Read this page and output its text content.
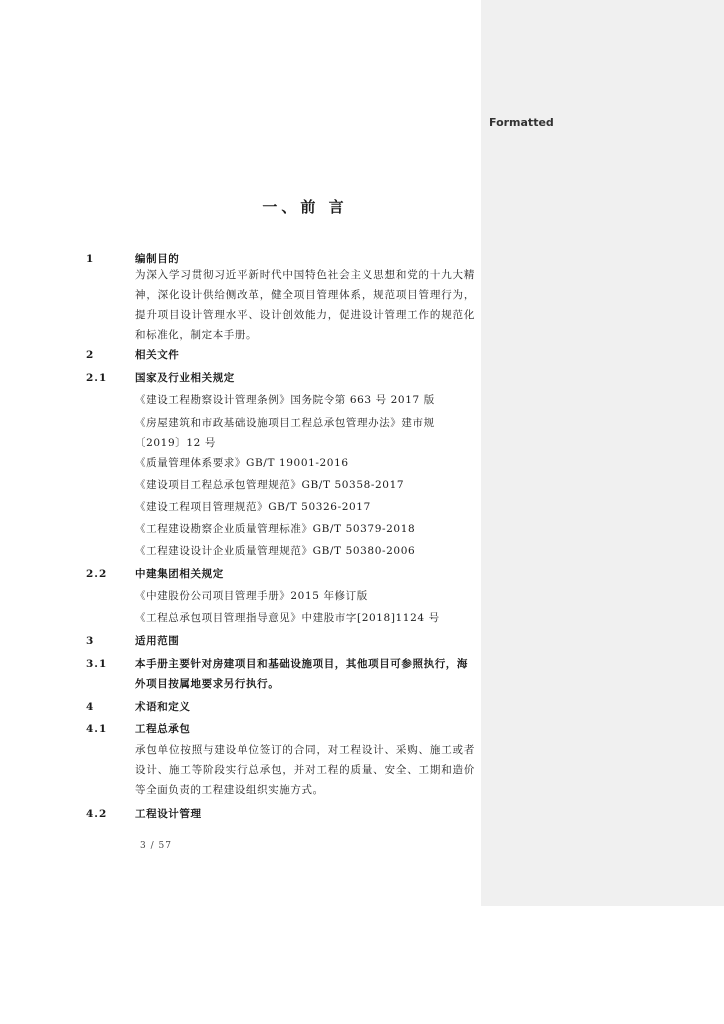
Formatted
一、前 言
1	编制目的
为深入学习贯彻习近平新时代中国特色社会主义思想和党的十九大精神，深化设计供给侧改革，健全项目管理体系，规范项目管理行为，提升项目设计管理水平、设计创效能力，促进设计管理工作的规范化和标准化，制定本手册。
2	相关文件
2.1	国家及行业相关规定
《建设工程勘察设计管理条例》国务院令第 663 号 2017 版
《房屋建筑和市政基础设施项目工程总承包管理办法》建市规〔2019〕12 号
《质量管理体系要求》GB/T 19001-2016
《建设项目工程总承包管理规范》GB/T 50358-2017
《建设工程项目管理规范》GB/T 50326-2017
《工程建设勘察企业质量管理标准》GB/T 50379-2018
《工程建设设计企业质量管理规范》GB/T 50380-2006
2.2	中建集团相关规定
《中建股份公司项目管理手册》2015 年修订版
《工程总承包项目管理指导意见》中建股市字[2018]1124 号
3	适用范围
3.1	本手册主要针对房建项目和基础设施项目，其他项目可参照执行，海外项目按属地要求另行执行。
4	术语和定义
4.1	工程总承包
承包单位按照与建设单位签订的合同，对工程设计、采购、施工或者设计、施工等阶段实行总承包，并对工程的质量、安全、工期和造价等全面负责的工程建设组织实施方式。
4.2	工程设计管理
3 / 57
